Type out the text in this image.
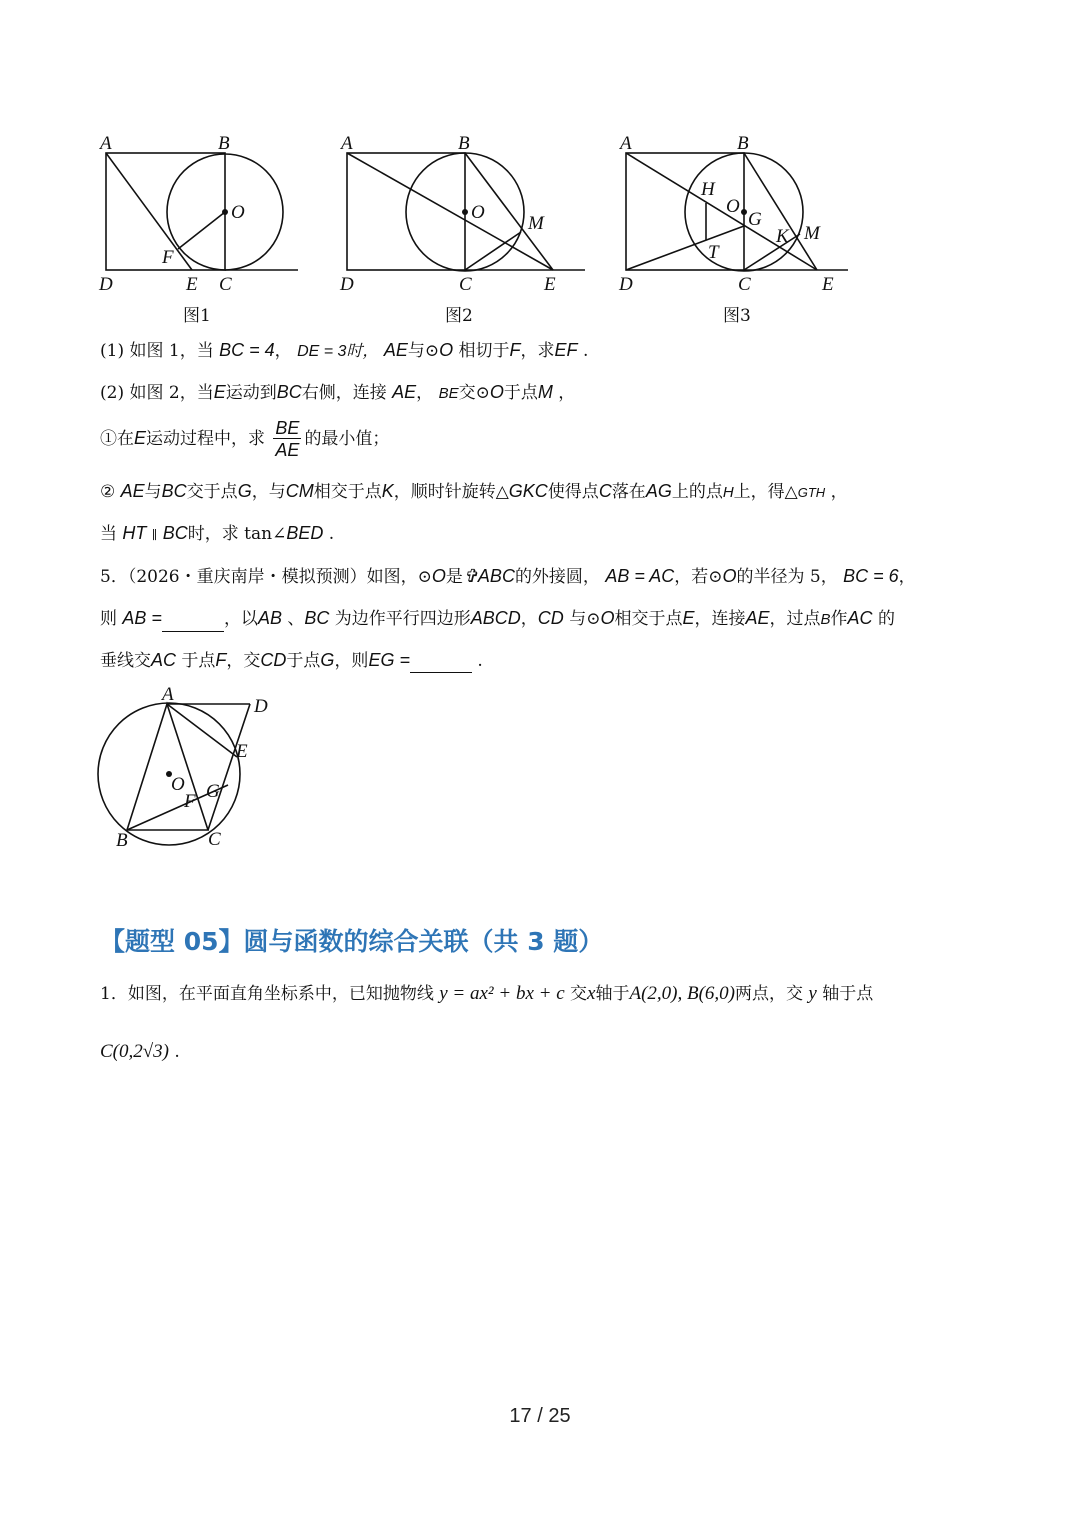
A	B
O
F
D	E C
图1
A	B
O
M
D	C	E
图2
A	B
H
O
G
K M
T
D	C	E
图3
(1) 如图 1，当 BC = 4， DE = 3时， AE与⊙O 相切于F，求EF .
(2) 如图 2，当E运动到BC右侧，连接 AE， BE交⊙O于点M ，
①在E运动过程中，求 $\frac{BE}{AE}$ 的最小值；
② AE与BC交于点G，与CM相交于点K，顺时针旋转△GKC使得点C落在AG上的点H上，得△GTH ，
当 HT ∥ BC时，求 tan∠BED .
5．（2026・重庆南岸・模拟预测）如图，⊙O是✞ABC的外接圆， AB = AC，若⊙O的半径为 5， BC = 6，
则 AB =	，以AB 、BC 为边作平行四边形ABCD，CD 与⊙O相交于点E，连接AE，过点B作AC 的
垂线交AC 于点F，交CD于点G，则EG =	.
A
D
E
O
F G
B	C
【题型 05】圆与函数的综合关联（共 3 题）
1．如图，在平面直角坐标系中，已知抛物线 y = ax² + bx + c 交x轴于A(2,0), B(6,0)两点，交 y 轴于点
C(0,2√3) .
17 / 25
